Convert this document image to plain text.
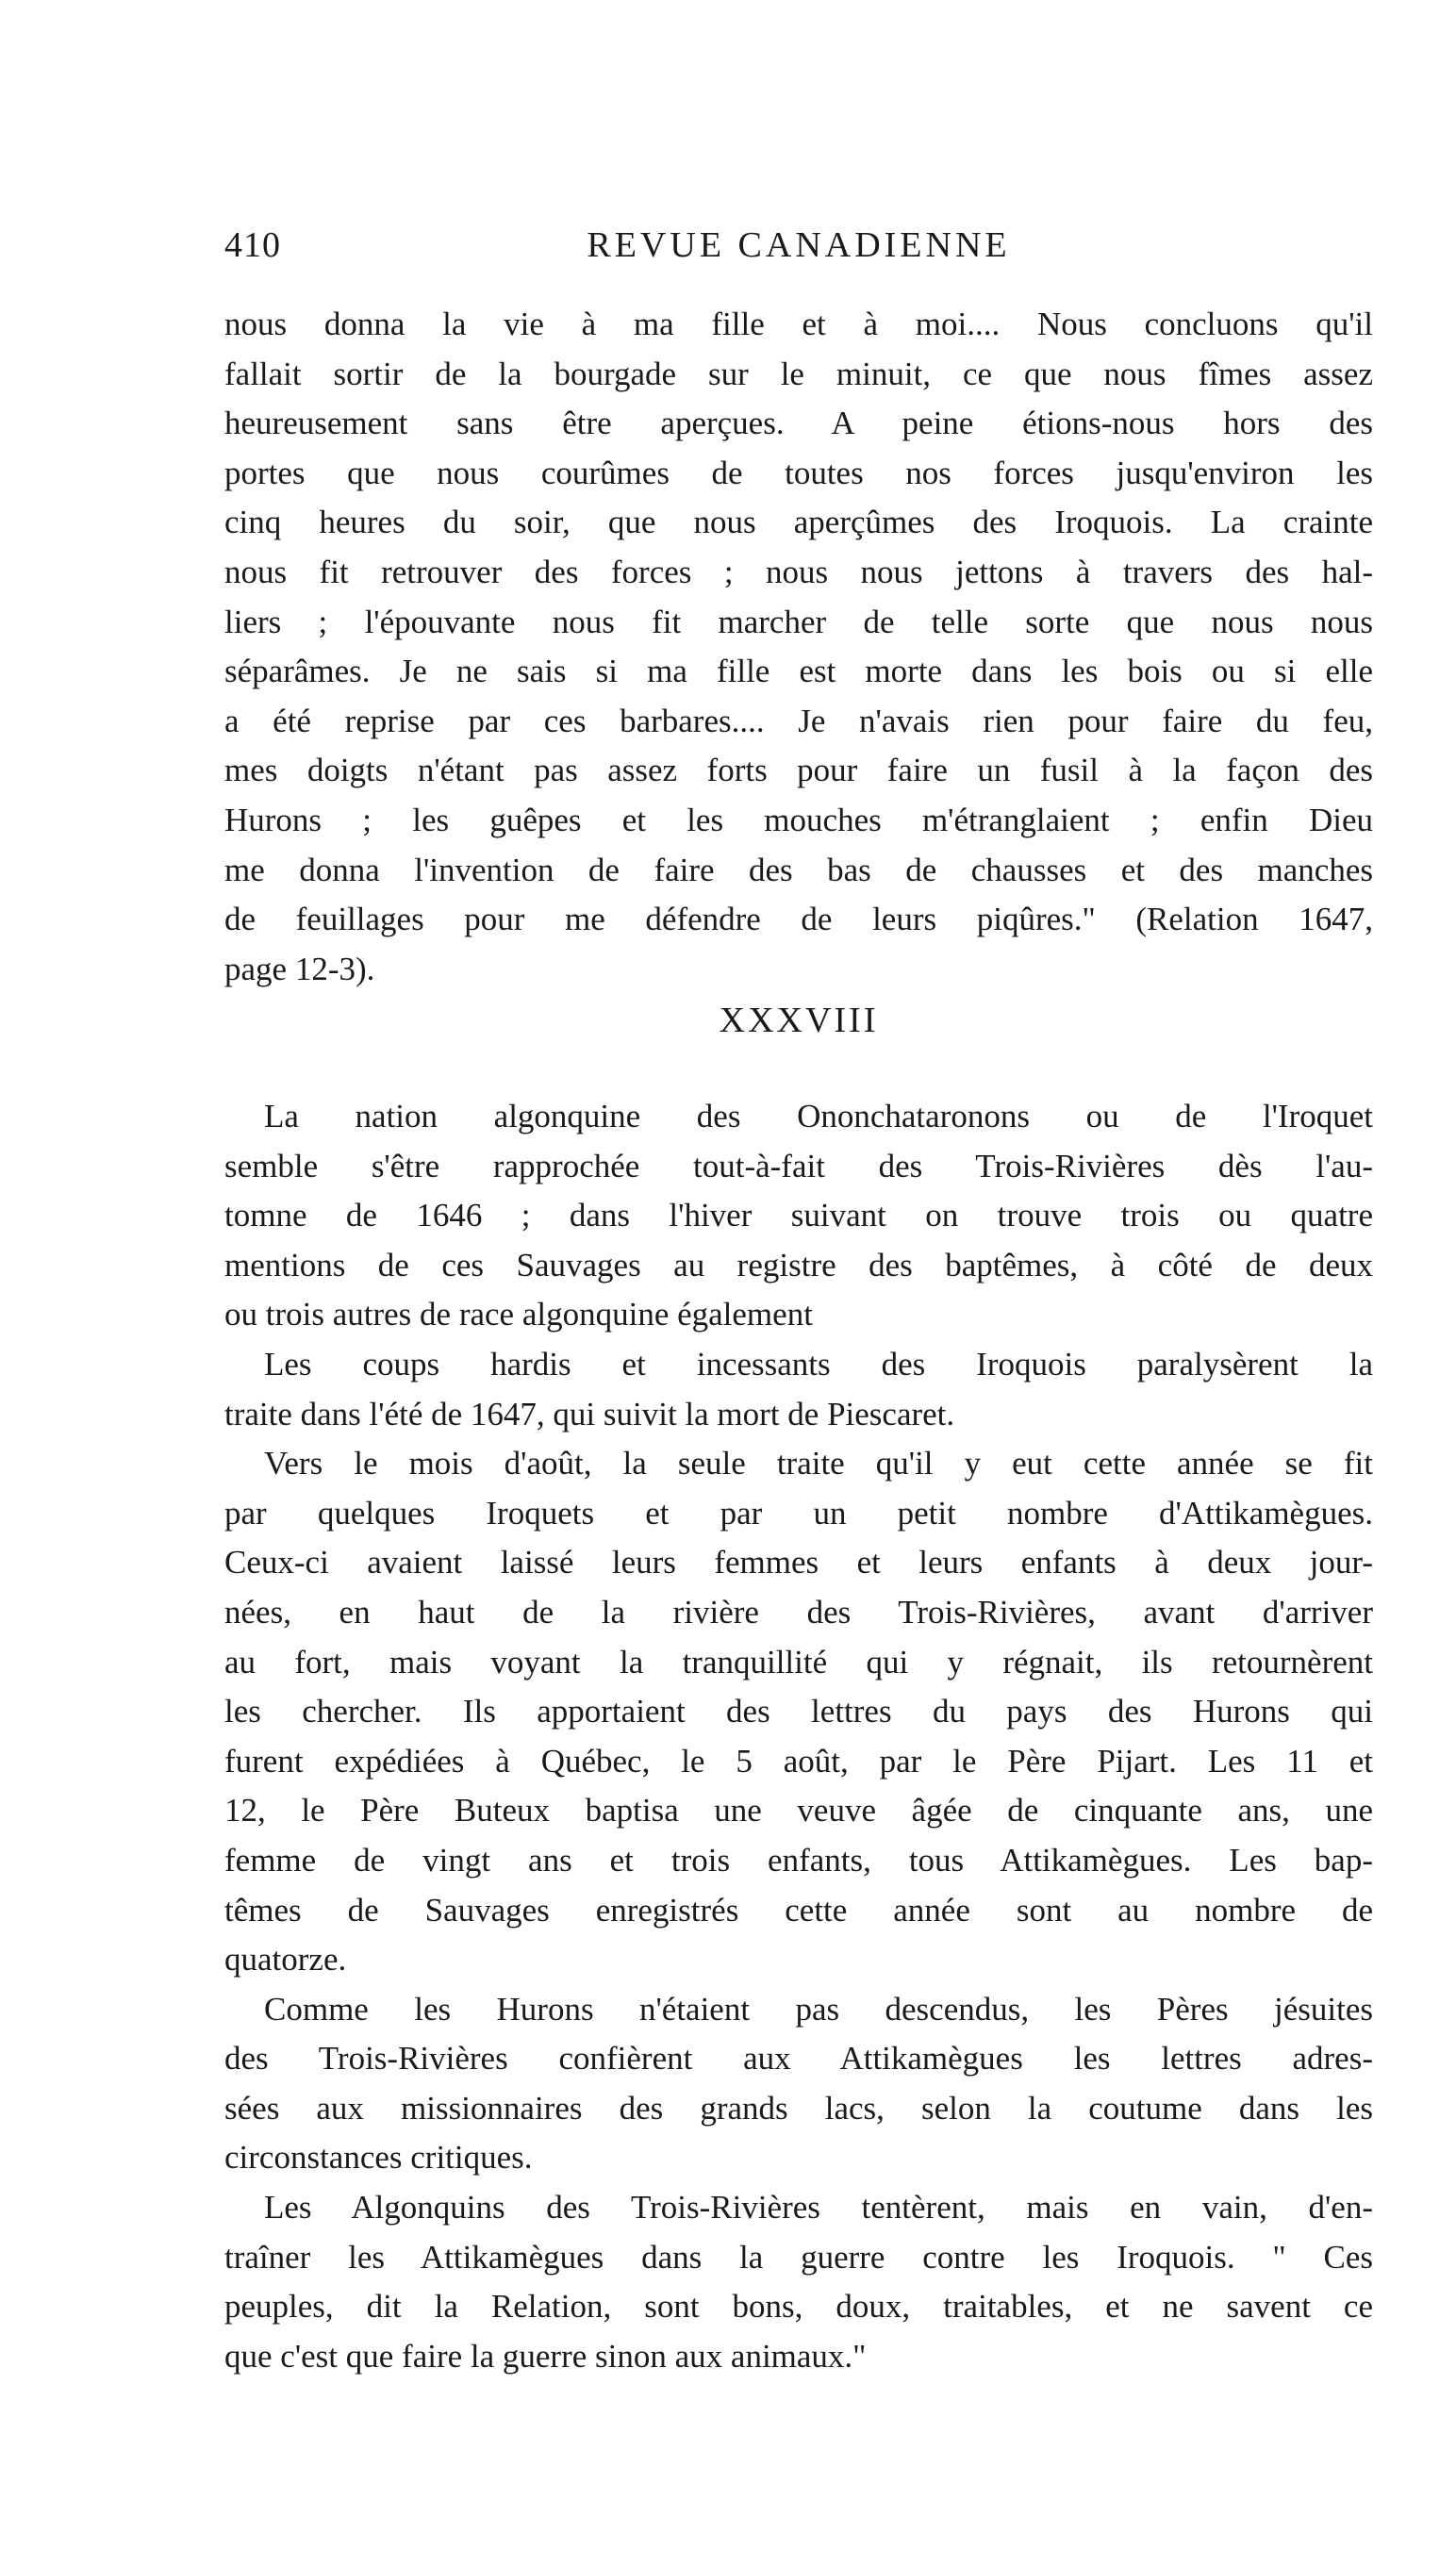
410	REVUE CANADIENNE
nous donna la vie à ma fille et à moi.... Nous concluons qu'il
fallait sortir de la bourgade sur le minuit, ce que nous fîmes assez
heureusement sans être aperçues. A peine étions-nous hors des
portes que nous courûmes de toutes nos forces jusqu'environ les
cinq heures du soir, que nous aperçûmes des Iroquois. La crainte
nous fit retrouver des forces ; nous nous jettons à travers des hal-
liers ; l'épouvante nous fit marcher de telle sorte que nous nous
séparâmes. Je ne sais si ma fille est morte dans les bois ou si elle
a été reprise par ces barbares.... Je n'avais rien pour faire du feu,
mes doigts n'étant pas assez forts pour faire un fusil à la façon des
Hurons ; les guêpes et les mouches m'étranglaient ; enfin Dieu
me donna l'invention de faire des bas de chausses et des manches
de feuillages pour me défendre de leurs piqûres." (Relation 1647,
page 12-3).
XXXVIII
La nation algonquine des Ononchataronons ou de l'Iroquet
semble s'être rapprochée tout-à-fait des Trois-Rivières dès l'au-
tomne de 1646 ; dans l'hiver suivant on trouve trois ou quatre
mentions de ces Sauvages au registre des baptêmes, à côté de deux
ou trois autres de race algonquine également
Les coups hardis et incessants des Iroquois paralysèrent la
traite dans l'été de 1647, qui suivit la mort de Piescaret.
Vers le mois d'août, la seule traite qu'il y eut cette année se fit
par quelques Iroquets et par un petit nombre d'Attikamègues.
Ceux-ci avaient laissé leurs femmes et leurs enfants à deux jour-
nées, en haut de la rivière des Trois-Rivières, avant d'arriver
au fort, mais voyant la tranquillité qui y régnait, ils retournèrent
les chercher. Ils apportaient des lettres du pays des Hurons qui
furent expédiées à Québec, le 5 août, par le Père Pijart. Les 11 et
12, le Père Buteux baptisa une veuve âgée de cinquante ans, une
femme de vingt ans et trois enfants, tous Attikamègues. Les bap-
têmes de Sauvages enregistrés cette année sont au nombre de
quatorze.
Comme les Hurons n'étaient pas descendus, les Pères jésuites
des Trois-Rivières confièrent aux Attikamègues les lettres adres-
sées aux missionnaires des grands lacs, selon la coutume dans les
circonstances critiques.
Les Algonquins des Trois-Rivières tentèrent, mais en vain, d'en-
traîner les Attikamègues dans la guerre contre les Iroquois. " Ces
peuples, dit la Relation, sont bons, doux, traitables, et ne savent ce
que c'est que faire la guerre sinon aux animaux."
